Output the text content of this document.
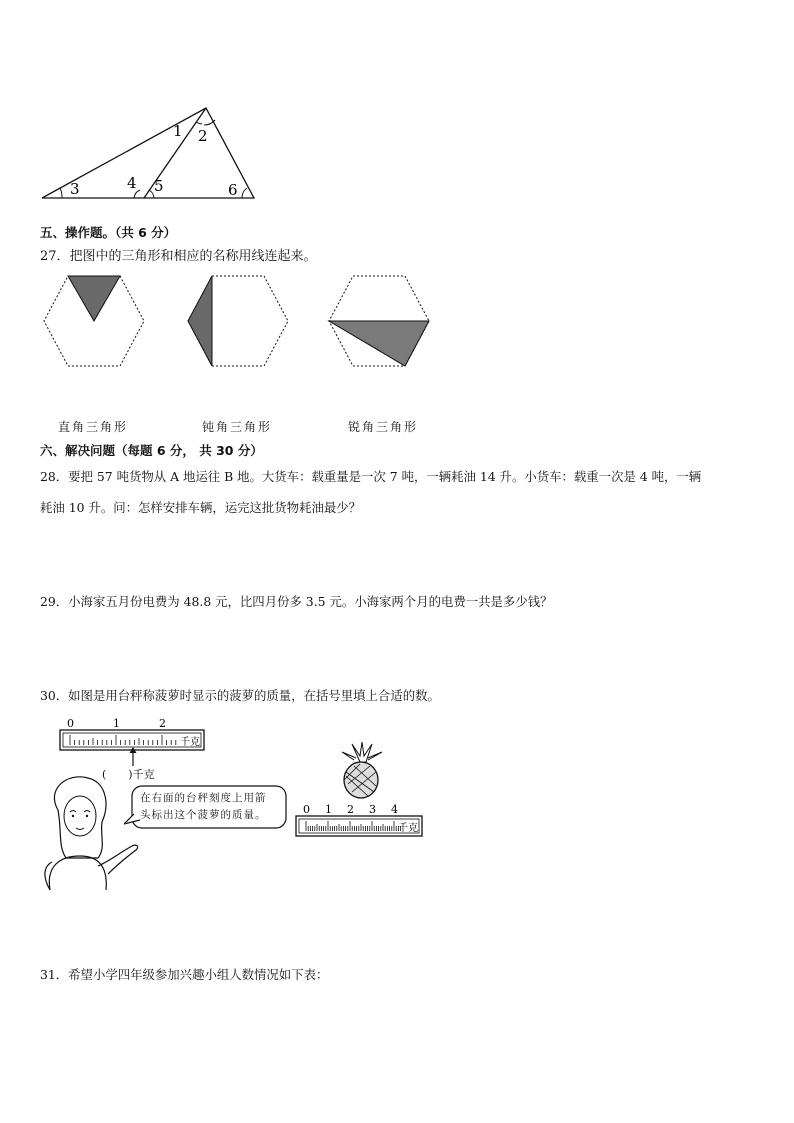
1 2
3	4 5	6
五、操作题。（共 6 分）
27．把图中的三角形和相应的名称用线连起来。
直角三角形	钝角三角形	锐角三角形
六、解决问题（每题 6 分， 共 30 分）
28．要把 57 吨货物从 A 地运往 B 地。大货车：载重量是一次 7 吨，一辆耗油 14 升。小货车：载重一次是 4 吨，一辆
耗油 10 升。问：怎样安排车辆，运完这批货物耗油最少？
29．小海家五月份电费为 48.8 元，比四月份多 3.5 元。小海家两个月的电费一共是多少钱？
30．如图是用台秤称菠萝时显示的菠萝的质量，在括号里填上合适的数。
0	1	2
千克
(　　)千克
在右面的台秤刻度上用箭
头标出这个菠萝的质量。	0 1 2 3 4
千克
31．希望小学四年级参加兴趣小组人数情况如下表：
